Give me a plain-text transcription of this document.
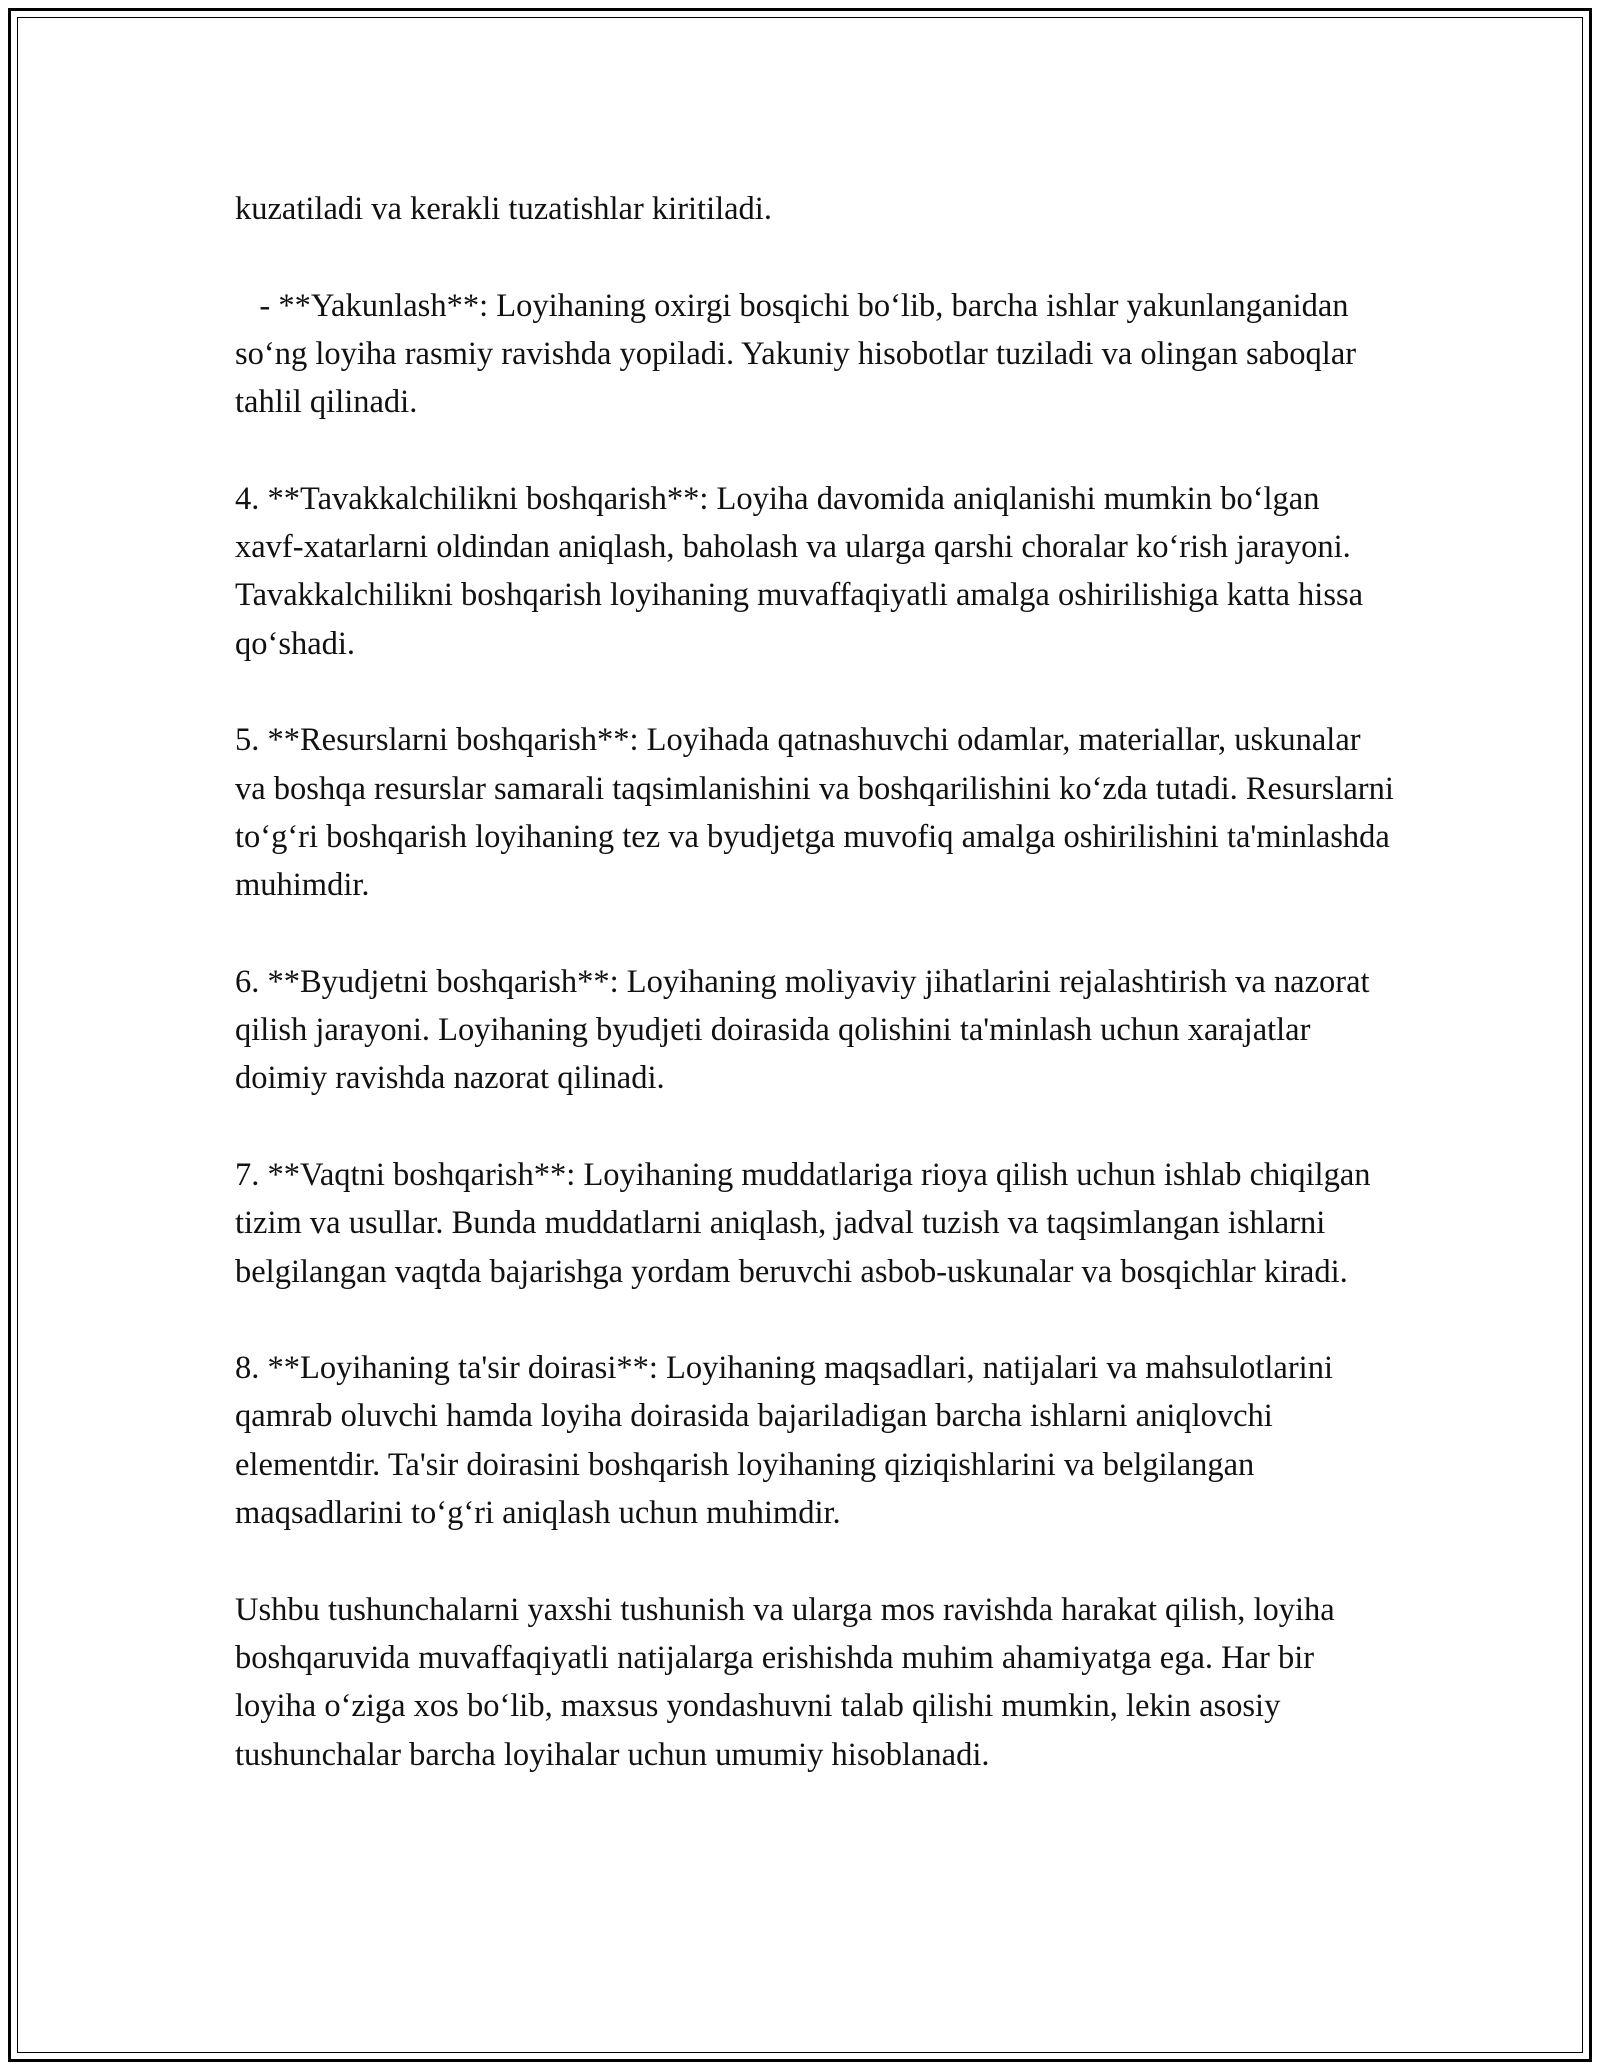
kuzatiladi va kerakli tuzatishlar kiritiladi.

- **Yakunlash**: Loyihaning oxirgi bosqichi bo‘lib, barcha ishlar yakunlanganidan so‘ng loyiha rasmiy ravishda yopiladi. Yakuniy hisobotlar tuziladi va olingan saboqlar tahlil qilinadi.

4. **Tavakkalchilikni boshqarish**: Loyiha davomida aniqlanishi mumkin bo‘lgan xavf-xatarlarni oldindan aniqlash, baholash va ularga qarshi choralar ko‘rish jarayoni. Tavakkalchilikni boshqarish loyihaning muvaffaqiyatli amalga oshirilishiga katta hissa qo‘shadi.

5. **Resurslarni boshqarish**: Loyihada qatnashuvchi odamlar, materiallar, uskunalar va boshqa resurslar samarali taqsimlanishini va boshqarilishini ko‘zda tutadi. Resurslarni to‘g‘ri boshqarish loyihaning tez va byudjetga muvofiq amalga oshirilishini ta'minlashda muhimdir.

6. **Byudjetni boshqarish**: Loyihaning moliyaviy jihatlarini rejalashtirish va nazorat qilish jarayoni. Loyihaning byudjeti doirasida qolishini ta'minlash uchun xarajatlar doimiy ravishda nazorat qilinadi.

7. **Vaqtni boshqarish**: Loyihaning muddatlariga rioya qilish uchun ishlab chiqilgan tizim va usullar. Bunda muddatlarni aniqlash, jadval tuzish va taqsimlangan ishlarni belgilangan vaqtda bajarishga yordam beruvchi asbob-uskunalar va bosqichlar kiradi.

8. **Loyihaning ta'sir doirasi**: Loyihaning maqsadlari, natijalari va mahsulotlarini qamrab oluvchi hamda loyiha doirasida bajariladigan barcha ishlarni aniqlovchi elementdir. Ta'sir doirasini boshqarish loyihaning qiziqishlarini va belgilangan maqsadlarini to‘g‘ri aniqlash uchun muhimdir.

Ushbu tushunchalarni yaxshi tushunish va ularga mos ravishda harakat qilish, loyiha boshqaruvida muvaffaqiyatli natijalarga erishishda muhim ahamiyatga ega. Har bir loyiha o‘ziga xos bo‘lib, maxsus yondashuvni talab qilishi mumkin, lekin asosiy tushunchalar barcha loyihalar uchun umumiy hisoblanadi.
